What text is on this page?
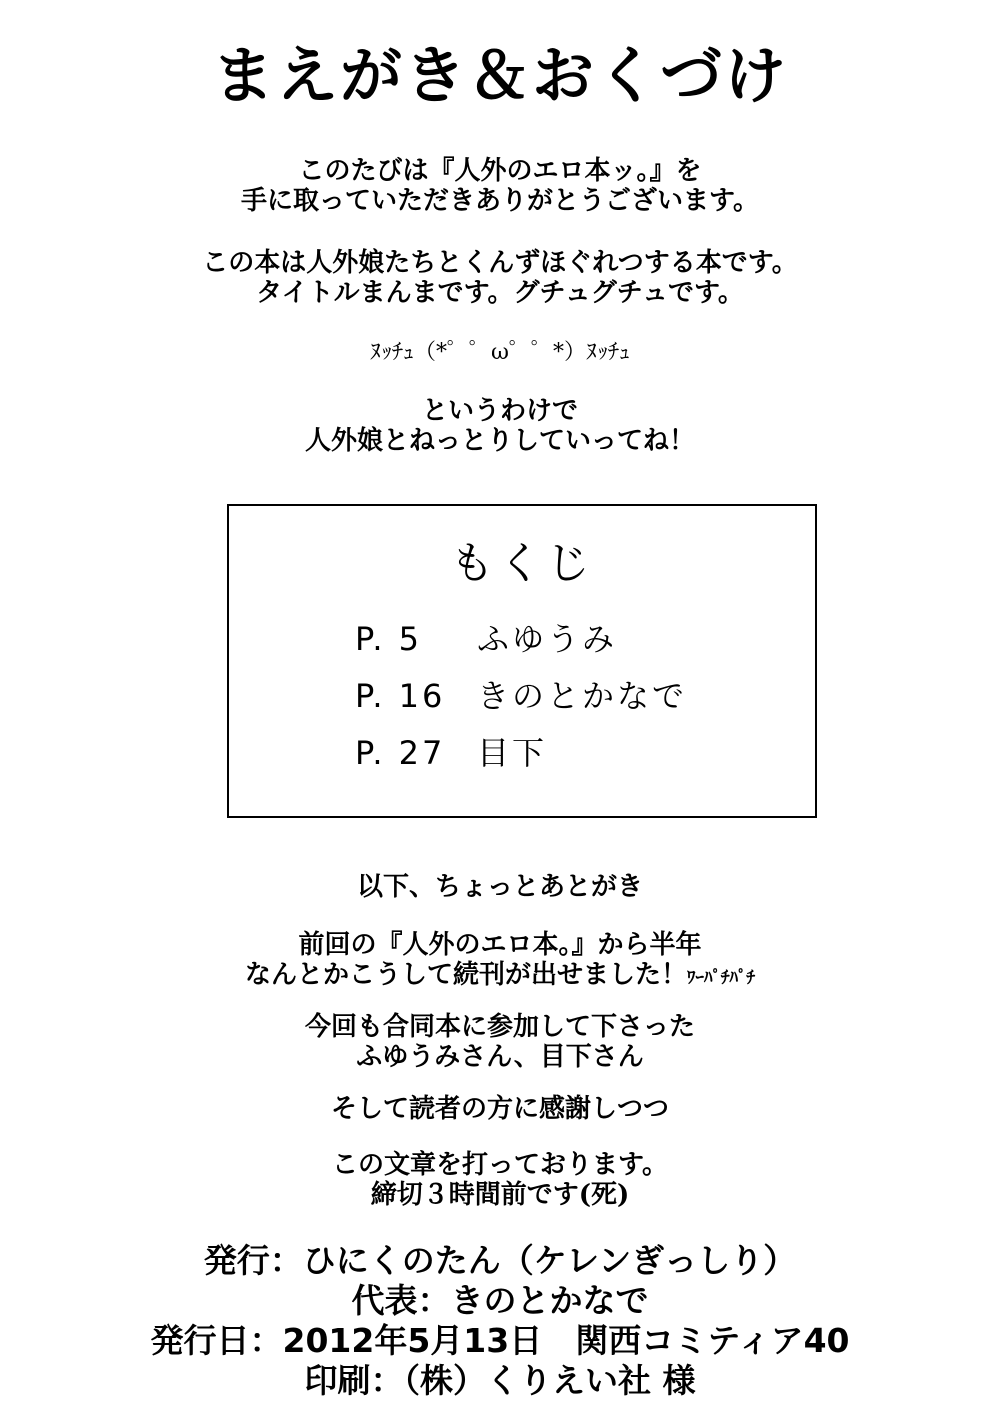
まえがき＆おくづけ
このたびは『人外のエロ本ッ。』を
手に取っていただきありがとうございます。
この本は人外娘たちとくんずほぐれつする本です。
タイトルまんまです。グチュグチュです。
ﾇｯﾁｭ（*゜゜ω゜゜*）ﾇｯﾁｭ
というわけで
人外娘とねっとりしていってね！
もくじ
P. 5	ふゆうみ
P. 16 きのとかなで
P. 27 目下
以下、ちょっとあとがき
前回の『人外のエロ本。』から半年
なんとかこうして続刊が出せました！ﾜｰﾊﾟﾁﾊﾟﾁ
今回も合同本に参加して下さった
ふゆうみさん、目下さん
そして読者の方に感謝しつつ
この文章を打っております。
締切３時間前です(死)
発行：ひにくのたん（ケレンぎっしり）
代表：きのとかなで
発行日：2012年5月13日　関西コミティア40
印刷：（株）くりえい社 様
